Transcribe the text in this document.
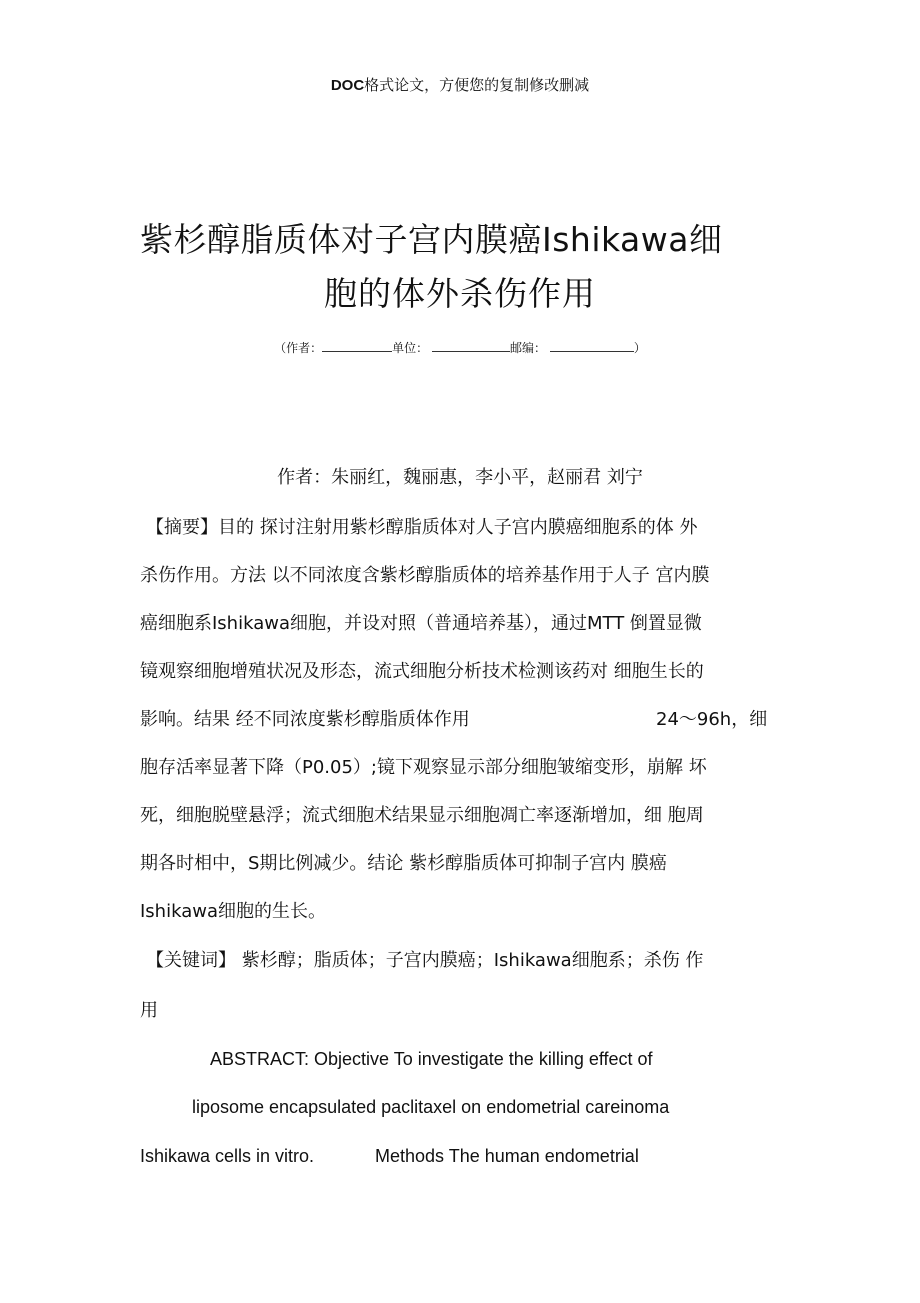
DOC格式论文，方便您的复制修改删减
紫杉醇脂质体对子宫内膜癌Ishikawa细
胞的体外杀伤作用
（作者：	单位：	邮编：	）
作者：朱丽红，魏丽惠，李小平，赵丽君 刘宁
【摘要】目的 探讨注射用紫杉醇脂质体对人子宫内膜癌细胞系的体 外
杀伤作用。方法 以不同浓度含紫杉醇脂质体的培养基作用于人子 宫内膜
癌细胞系Ishikawa细胞，并设对照（普通培养基），通过MTT 倒置显微
镜观察细胞增殖状况及形态，流式细胞分析技术检测该药对 细胞生长的
影响。结果 经不同浓度紫杉醇脂质体作用	24～96h，细
胞存活率显著下降（P0.05）;镜下观察显示部分细胞皱缩变形，崩解 坏
死，细胞脱壁悬浮；流式细胞术结果显示细胞凋亡率逐渐增加，细 胞周
期各时相中，S期比例减少。结论 紫杉醇脂质体可抑制子宫内 膜癌
Ishikawa细胞的生长。
【关键词】 紫杉醇；脂质体；子宫内膜癌；Ishikawa细胞系；杀伤 作
用
ABSTRACT: Objective To investigate the killing effect of
liposome encapsulated paclitaxel on endometrial careinoma
Ishikawa cells in vitro.	Methods The human endometrial
